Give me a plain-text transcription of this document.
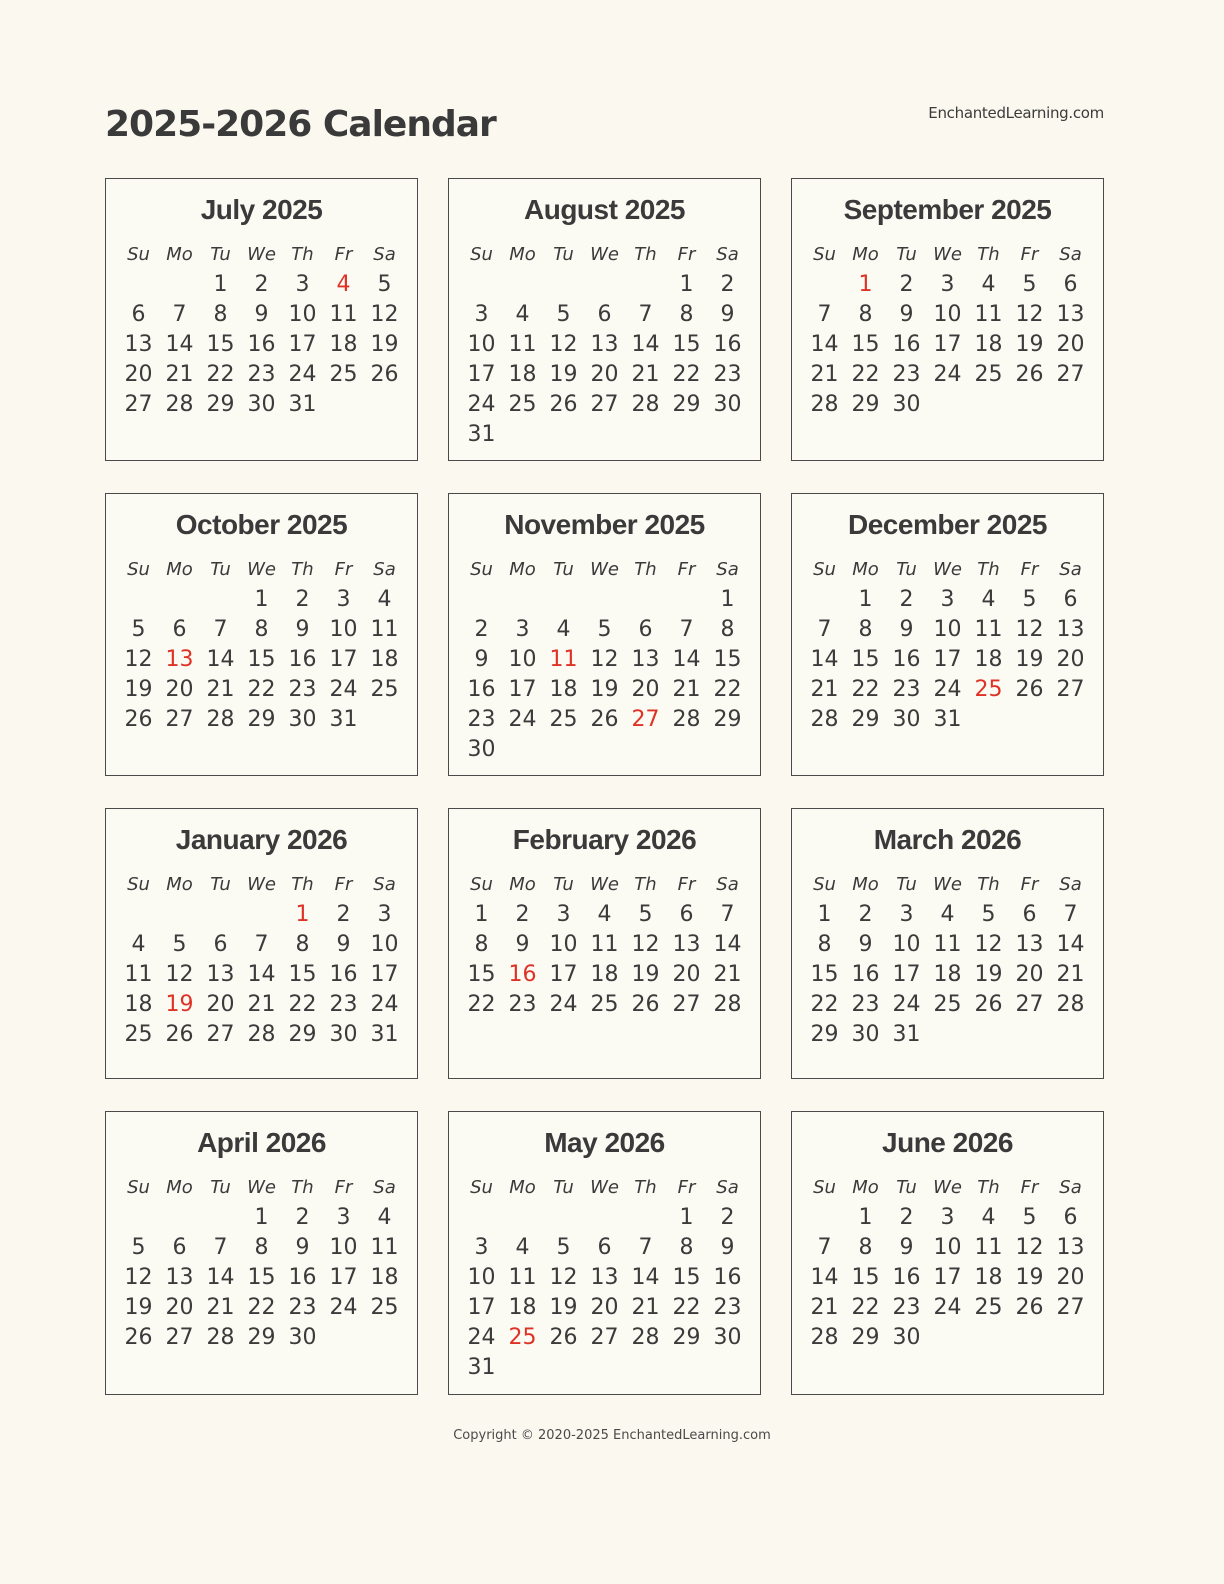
2025-2026 Calendar	EnchantedLearning.com
July 2025
Su	Mo	Tu	We	Th	Fr	Sa
		1	2	3	4	5
6	7	8	9	10	11	12
13	14	15	16	17	18	19
20	21	22	23	24	25	26
27	28	29	30	31		
August 2025
Su	Mo	Tu	We	Th	Fr	Sa
					1	2
3	4	5	6	7	8	9
10	11	12	13	14	15	16
17	18	19	20	21	22	23
24	25	26	27	28	29	30
31						
September 2025
Su	Mo	Tu	We	Th	Fr	Sa
	1	2	3	4	5	6
7	8	9	10	11	12	13
14	15	16	17	18	19	20
21	22	23	24	25	26	27
28	29	30				
October 2025
Su	Mo	Tu	We	Th	Fr	Sa
			1	2	3	4
5	6	7	8	9	10	11
12	13	14	15	16	17	18
19	20	21	22	23	24	25
26	27	28	29	30	31	
November 2025
Su	Mo	Tu	We	Th	Fr	Sa
						1
2	3	4	5	6	7	8
9	10	11	12	13	14	15
16	17	18	19	20	21	22
23	24	25	26	27	28	29
30						
December 2025
Su	Mo	Tu	We	Th	Fr	Sa
	1	2	3	4	5	6
7	8	9	10	11	12	13
14	15	16	17	18	19	20
21	22	23	24	25	26	27
28	29	30	31			
January 2026
Su	Mo	Tu	We	Th	Fr	Sa
				1	2	3
4	5	6	7	8	9	10
11	12	13	14	15	16	17
18	19	20	21	22	23	24
25	26	27	28	29	30	31
February 2026
Su	Mo	Tu	We	Th	Fr	Sa
1	2	3	4	5	6	7
8	9	10	11	12	13	14
15	16	17	18	19	20	21
22	23	24	25	26	27	28
March 2026
Su	Mo	Tu	We	Th	Fr	Sa
1	2	3	4	5	6	7
8	9	10	11	12	13	14
15	16	17	18	19	20	21
22	23	24	25	26	27	28
29	30	31				
April 2026
Su	Mo	Tu	We	Th	Fr	Sa
			1	2	3	4
5	6	7	8	9	10	11
12	13	14	15	16	17	18
19	20	21	22	23	24	25
26	27	28	29	30		
May 2026
Su	Mo	Tu	We	Th	Fr	Sa
					1	2
3	4	5	6	7	8	9
10	11	12	13	14	15	16
17	18	19	20	21	22	23
24	25	26	27	28	29	30
31						
June 2026
Su	Mo	Tu	We	Th	Fr	Sa
	1	2	3	4	5	6
7	8	9	10	11	12	13
14	15	16	17	18	19	20
21	22	23	24	25	26	27
28	29	30				
Copyright © 2020-2025 EnchantedLearning.com
